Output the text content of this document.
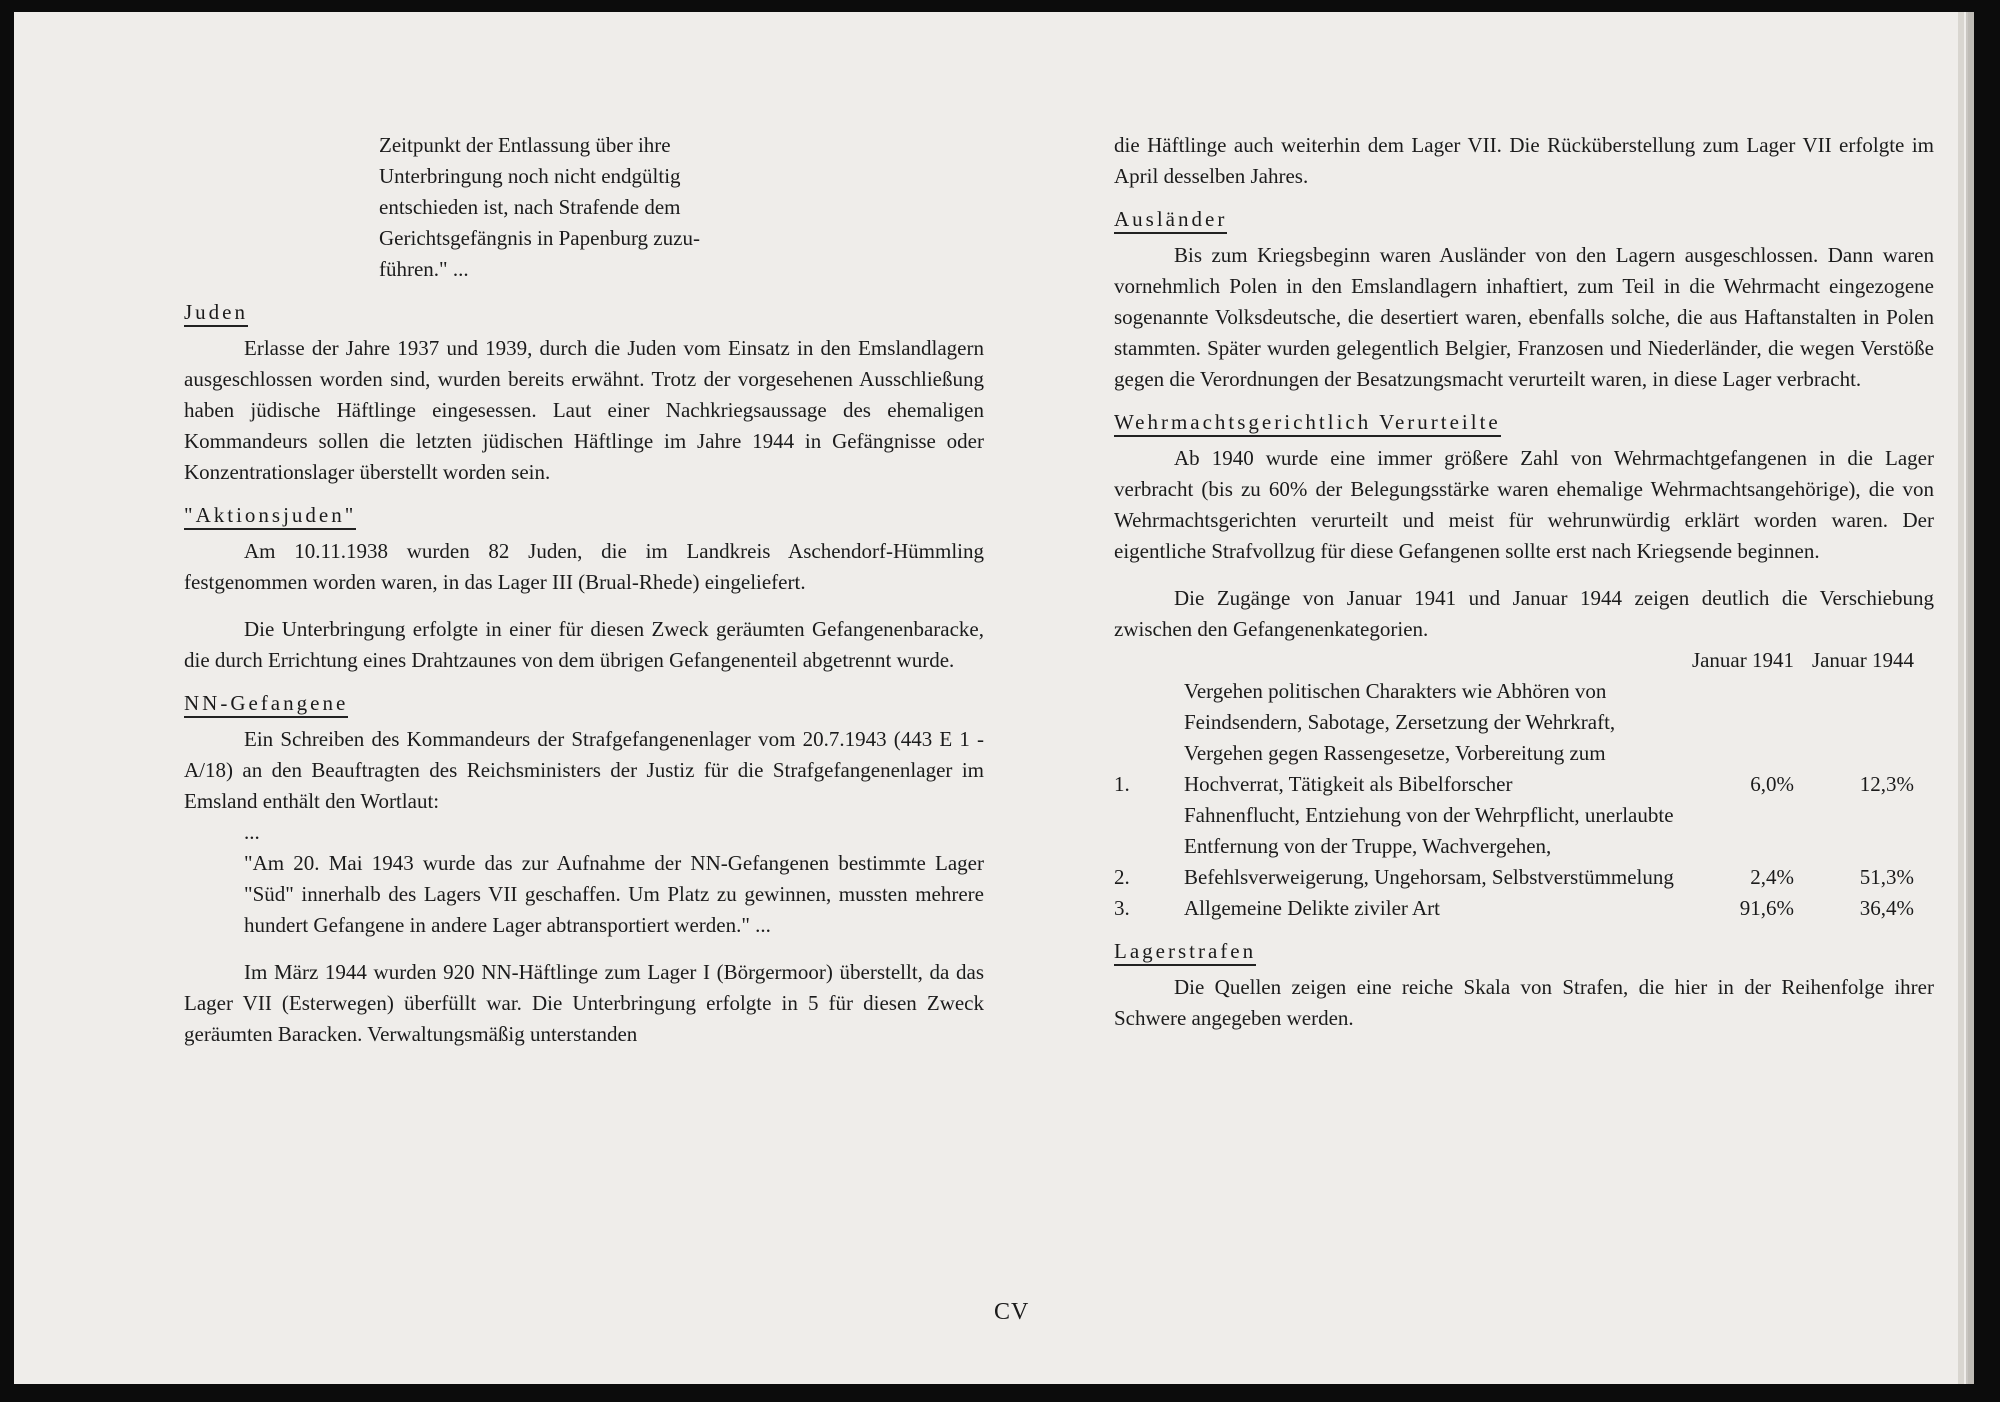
Zeitpunkt der Entlassung über ihre

Unterbringung noch nicht endgültig

entschieden ist, nach Strafende dem

Gerichtsgefängnis in Papenburg zuzu-

führen." ...

Juden

Erlasse der Jahre 1937 und 1939, durch die Juden vom Einsatz in den Emslandlagern ausgeschlossen worden sind, wurden bereits erwähnt. Trotz der vorgesehenen Ausschließung haben jüdische Häftlinge eingesessen. Laut einer Nachkriegsaussage des ehemaligen Kommandeurs sollen die letzten jüdischen Häftlinge im Jahre 1944 in Gefängnisse oder Konzentrationslager überstellt worden sein.

"Aktionsjuden"

Am 10.11.1938 wurden 82 Juden, die im Landkreis Aschendorf-Hümmling festgenommen worden waren, in das Lager III (Brual-Rhede) eingeliefert.

Die Unterbringung erfolgte in einer für diesen Zweck geräumten Gefangenenbaracke, die durch Errichtung eines Drahtzaunes von dem übrigen Gefangenenteil abgetrennt wurde.

NN-Gefangene

Ein Schreiben des Kommandeurs der Strafgefangenenlager vom 20.7.1943 (443 E 1 - A/18) an den Beauftragten des Reichsministers der Justiz für die Strafgefangenenlager im Emsland enthält den Wortlaut:

...

"Am 20. Mai 1943 wurde das zur Aufnahme der NN-Gefangenen bestimmte Lager "Süd" innerhalb des Lagers VII geschaffen. Um Platz zu gewinnen, mussten mehrere hundert Gefangene in andere Lager abtransportiert werden." ...

Im März 1944 wurden 920 NN-Häftlinge zum Lager I (Börgermoor) überstellt, da das Lager VII (Esterwegen) überfüllt war. Die Unterbringung erfolgte in 5 für diesen Zweck geräumten Baracken. Verwaltungsmäßig unterstanden

die Häftlinge auch weiterhin dem Lager VII. Die Rücküberstellung zum Lager VII erfolgte im April desselben Jahres.

Ausländer

Bis zum Kriegsbeginn waren Ausländer von den Lagern ausgeschlossen. Dann waren vornehmlich Polen in den Emslandlagern inhaftiert, zum Teil in die Wehrmacht eingezogene sogenannte Volksdeutsche, die desertiert waren, ebenfalls solche, die aus Haftanstalten in Polen stammten. Später wurden gelegentlich Belgier, Franzosen und Niederländer, die wegen Verstöße gegen die Verordnungen der Besatzungsmacht verurteilt waren, in diese Lager verbracht.

Wehrmachtsgerichtlich Verurteilte

Ab 1940 wurde eine immer größere Zahl von Wehrmachtgefangenen in die Lager verbracht (bis zu 60% der Belegungsstärke waren ehemalige Wehrmachtsangehörige), die von Wehrmachtsgerichten verurteilt und meist für wehrunwürdig erklärt worden waren. Der eigentliche Strafvollzug für diese Gefangenen sollte erst nach Kriegsende beginnen.

Die Zugänge von Januar 1941 und Januar 1944 zeigen deutlich die Verschiebung zwischen den Gefangenenkategorien.

		Januar 1941	Januar 1944
1.	Vergehen politischen Charakters wie Abhören von Feindsendern, Sabotage, Zersetzung der Wehrkraft, Vergehen gegen Rassengesetze, Vorbereitung zum Hochverrat, Tätigkeit als Bibelforscher	6,0%	12,3%
2.	Fahnenflucht, Entziehung von der Wehrpflicht, unerlaubte Entfernung von der Truppe, Wachvergehen, Befehlsverweigerung, Ungehorsam, Selbstverstümmelung	2,4%	51,3%
3.	Allgemeine Delikte ziviler Art	91,6%	36,4%
Lagerstrafen

Die Quellen zeigen eine reiche Skala von Strafen, die hier in der Reihenfolge ihrer Schwere angegeben werden.

CV
